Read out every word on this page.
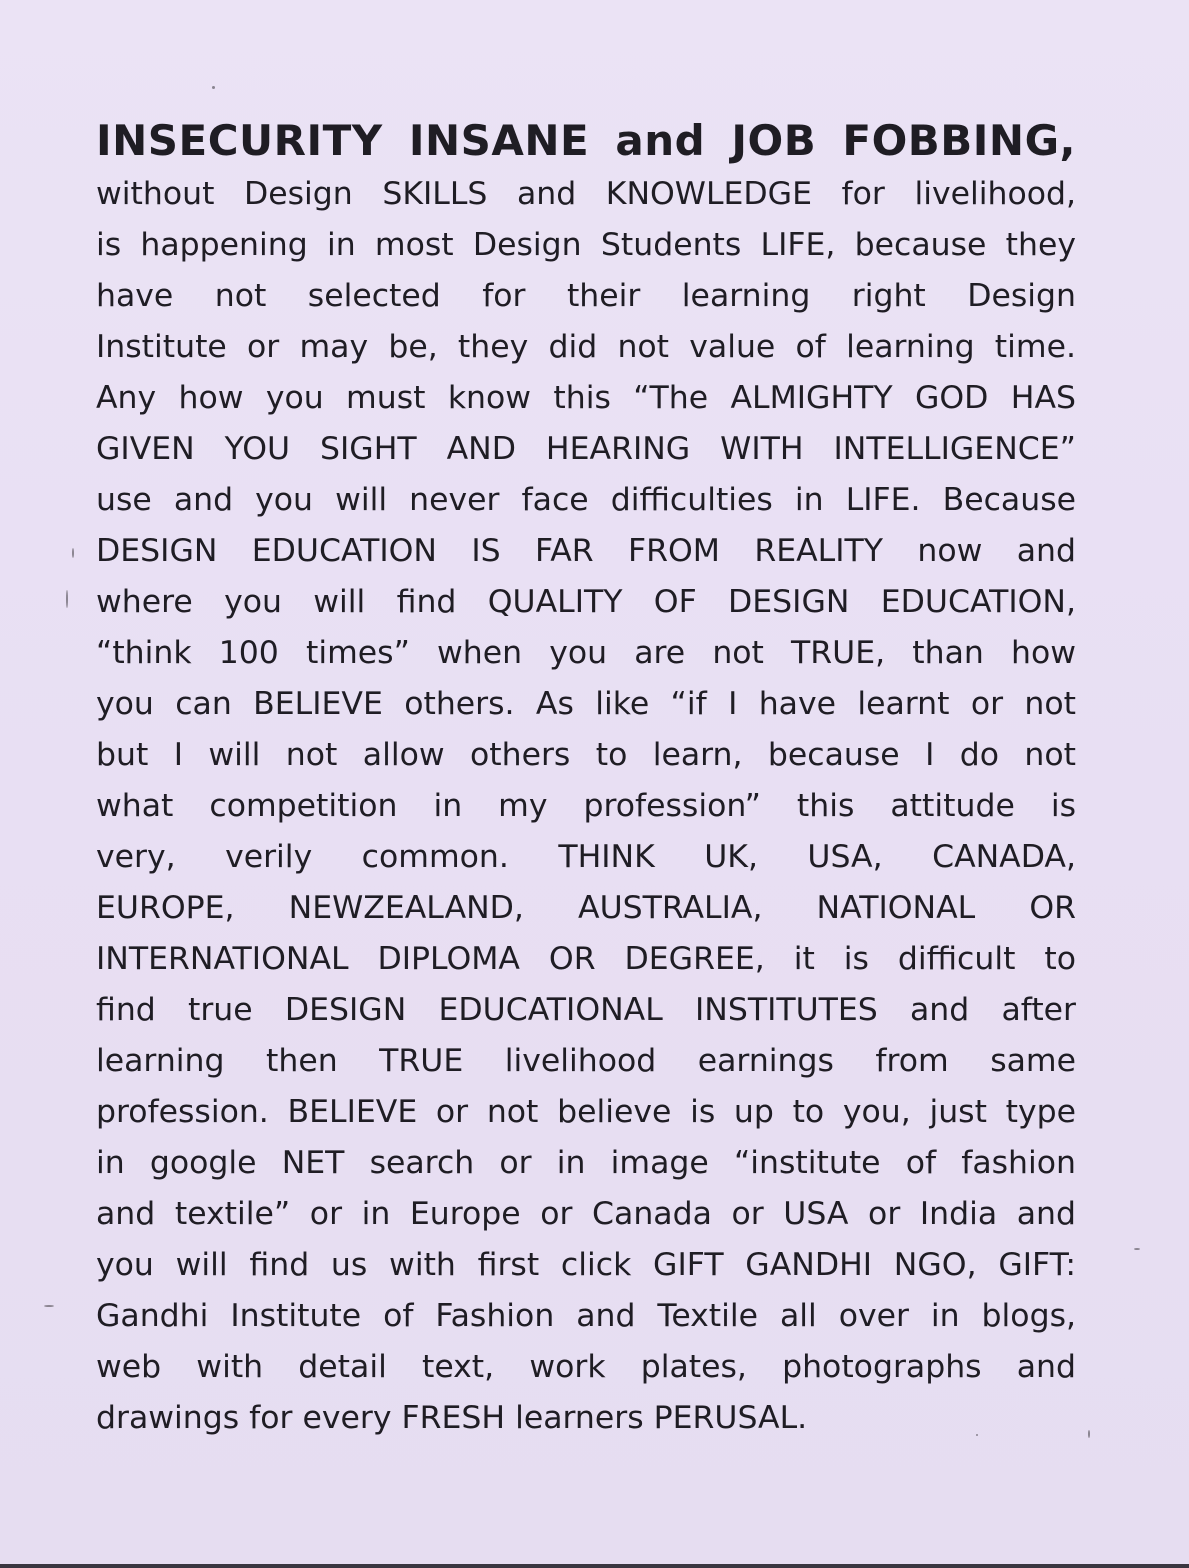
INSECURITY INSANE and JOB FOBBING,
without Design SKILLS and KNOWLEDGE for livelihood,
is happening in most Design Students LIFE, because they
have not selected for their learning right Design
Institute or may be, they did not value of learning time.
Any how you must know this “The ALMIGHTY GOD HAS
GIVEN YOU SIGHT AND HEARING WITH INTELLIGENCE”
use and you will never face difficulties in LIFE. Because
DESIGN EDUCATION IS FAR FROM REALITY now and
where you will find QUALITY OF DESIGN EDUCATION,
“think 100 times” when you are not TRUE, than how
you can BELIEVE others. As like “if I have learnt or not
but I will not allow others to learn, because I do not
what competition in my profession” this attitude is
very, verily common. THINK UK, USA, CANADA,
EUROPE, NEWZEALAND, AUSTRALIA, NATIONAL OR
INTERNATIONAL DIPLOMA OR DEGREE, it is difficult to
find true DESIGN EDUCATIONAL INSTITUTES and after
learning then TRUE livelihood earnings from same
profession. BELIEVE or not believe is up to you, just type
in google NET search or in image “institute of fashion
and textile” or in Europe or Canada or USA or India and
you will find us with first click GIFT GANDHI NGO, GIFT:
Gandhi Institute of Fashion and Textile all over in blogs,
web with detail text, work plates, photographs and
drawings for every FRESH learners PERUSAL.
